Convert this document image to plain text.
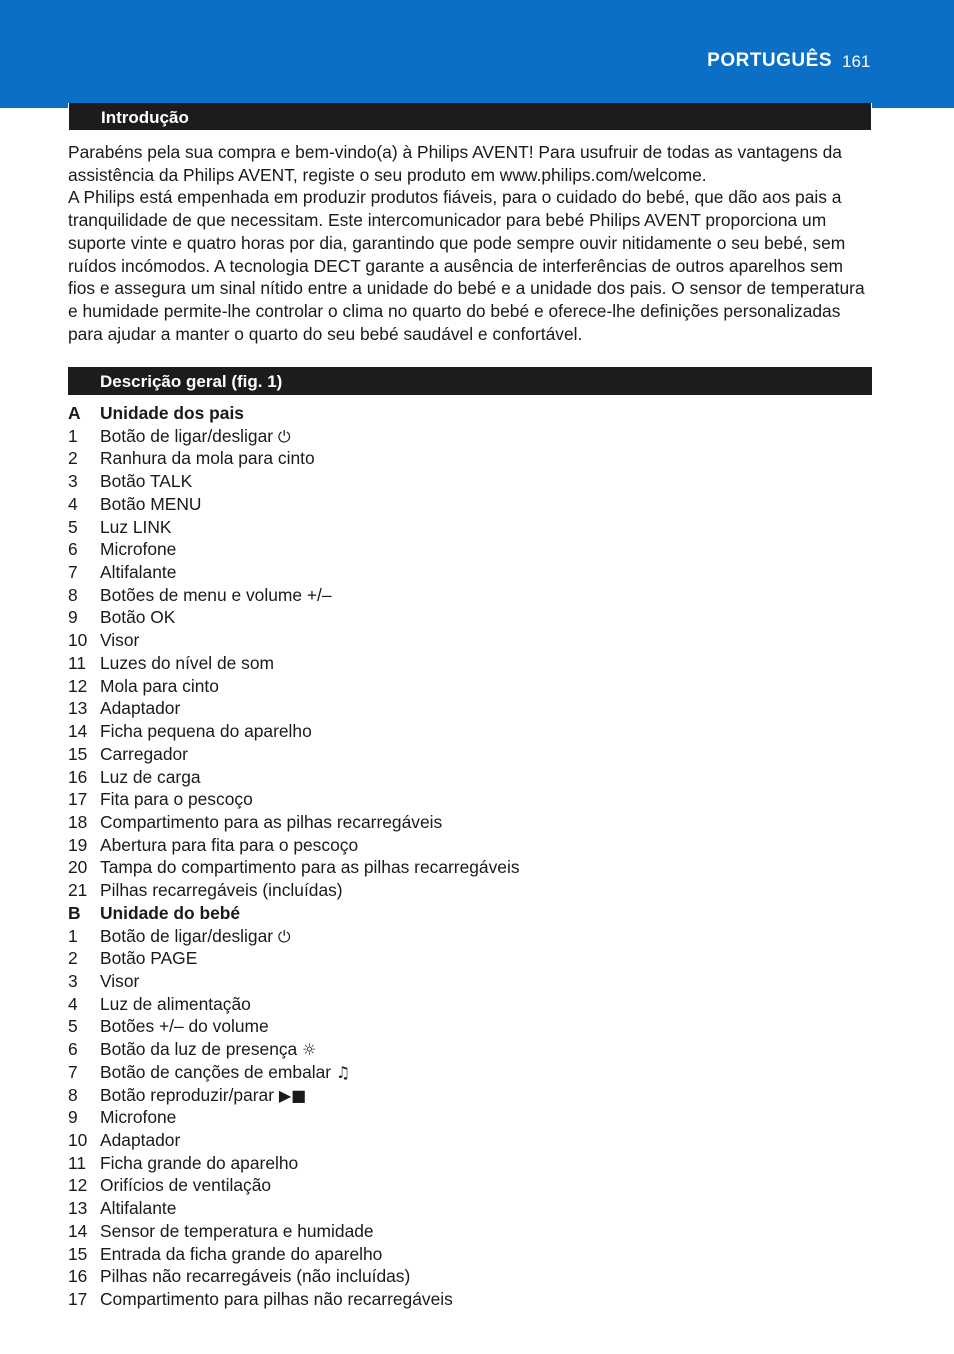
PORTUGUÊS 161
Introdução

Parabéns pela sua compra e bem-vindo(a) à Philips AVENT! Para usufruir de todas as vantagens da assistência da Philips AVENT, registe o seu produto em www.philips.com/welcome.

A Philips está empenhada em produzir produtos fiáveis, para o cuidado do bebé, que dão aos pais a tranquilidade de que necessitam. Este intercomunicador para bebé Philips AVENT proporciona um suporte vinte e quatro horas por dia, garantindo que pode sempre ouvir nitidamente o seu bebé, sem ruídos incómodos. A tecnologia DECT garante a ausência de interferências de outros aparelhos sem fios e assegura um sinal nítido entre a unidade do bebé e a unidade dos pais. O sensor de temperatura e humidade permite-lhe controlar o clima no quarto do bebé e oferece-lhe definições personalizadas para ajudar a manter o quarto do seu bebé saudável e confortável.

Descrição geral (fig. 1)
A Unidade dos pais
1 Botão de ligar/desligar ⏻
2 Ranhura da mola para cinto
3 Botão TALK
4 Botão MENU
5 Luz LINK
6 Microfone
7 Altifalante
8 Botões de menu e volume +/–
9 Botão OK
10 Visor
11 Luzes do nível de som
12 Mola para cinto
13 Adaptador
14 Ficha pequena do aparelho
15 Carregador
16 Luz de carga
17 Fita para o pescoço
18 Compartimento para as pilhas recarregáveis
19 Abertura para fita para o pescoço
20 Tampa do compartimento para as pilhas recarregáveis
21 Pilhas recarregáveis (incluídas)
B Unidade do bebé
1 Botão de ligar/desligar ⏻
2 Botão PAGE
3 Visor
4 Luz de alimentação
5 Botões +/– do volume
6 Botão da luz de presença ☼
7 Botão de canções de embalar ♫
8 Botão reproduzir/parar ▶■
9 Microfone
10 Adaptador
11 Ficha grande do aparelho
12 Orifícios de ventilação
13 Altifalante
14 Sensor de temperatura e humidade
15 Entrada da ficha grande do aparelho
16 Pilhas não recarregáveis (não incluídas)
17 Compartimento para pilhas não recarregáveis
